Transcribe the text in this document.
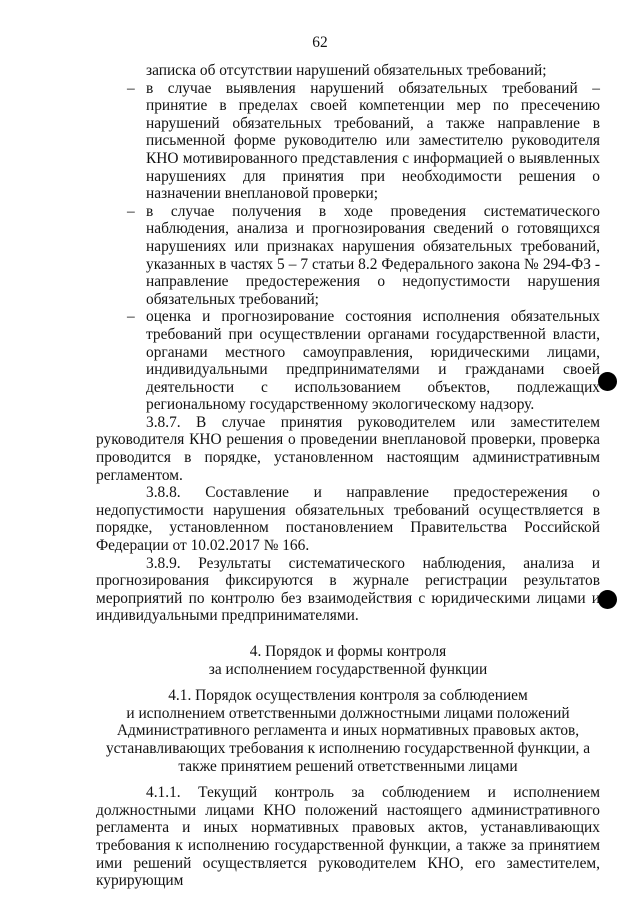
62

записка об отсутствии нарушений обязательных требований;

– в случае выявления нарушений обязательных требований – принятие в пределах своей компетенции мер по пресечению нарушений обязательных требований, а также направление в письменной форме руководителю или заместителю руководителя КНО мотивированного представления с информацией о выявленных нарушениях для принятия при необходимости решения о назначении внеплановой проверки;
– в случае получения в ходе проведения систематического наблюдения, анализа и прогнозирования сведений о готовящихся нарушениях или признаках нарушения обязательных требований, указанных в частях 5 – 7 статьи 8.2 Федерального закона № 294-ФЗ - направление предостережения о недопустимости нарушения обязательных требований;
– оценка и прогнозирование состояния исполнения обязательных требований при осуществлении органами государственной власти, органами местного самоуправления, юридическими лицами, индивидуальными предпринимателями и гражданами своей деятельности с использованием объектов, подлежащих региональному государственному экологическому надзору.

3.8.7. В случае принятия руководителем или заместителем руководителя КНО решения о проведении внеплановой проверки, проверка проводится в порядке, установленном настоящим административным регламентом.

3.8.8. Составление и направление предостережения о недопустимости нарушения обязательных требований осуществляется в порядке, установленном постановлением Правительства Российской Федерации от 10.02.2017 № 166.

3.8.9. Результаты систематического наблюдения, анализа и прогнозирования фиксируются в журнале регистрации результатов мероприятий по контролю без взаимодействия с юридическими лицами и индивидуальными предпринимателями.

4. Порядок и формы контроля
за исполнением государственной функции
4.1. Порядок осуществления контроля за соблюдением
и исполнением ответственными должностными лицами положений
Административного регламента и иных нормативных правовых актов,
устанавливающих требования к исполнению государственной функции, а
также принятием решений ответственными лицами

4.1.1. Текущий контроль за соблюдением и исполнением должностными лицами КНО положений настоящего административного регламента и иных нормативных правовых актов, устанавливающих требования к исполнению государственной функции, а также за принятием ими решений осуществляется руководителем КНО, его заместителем, курирующим
